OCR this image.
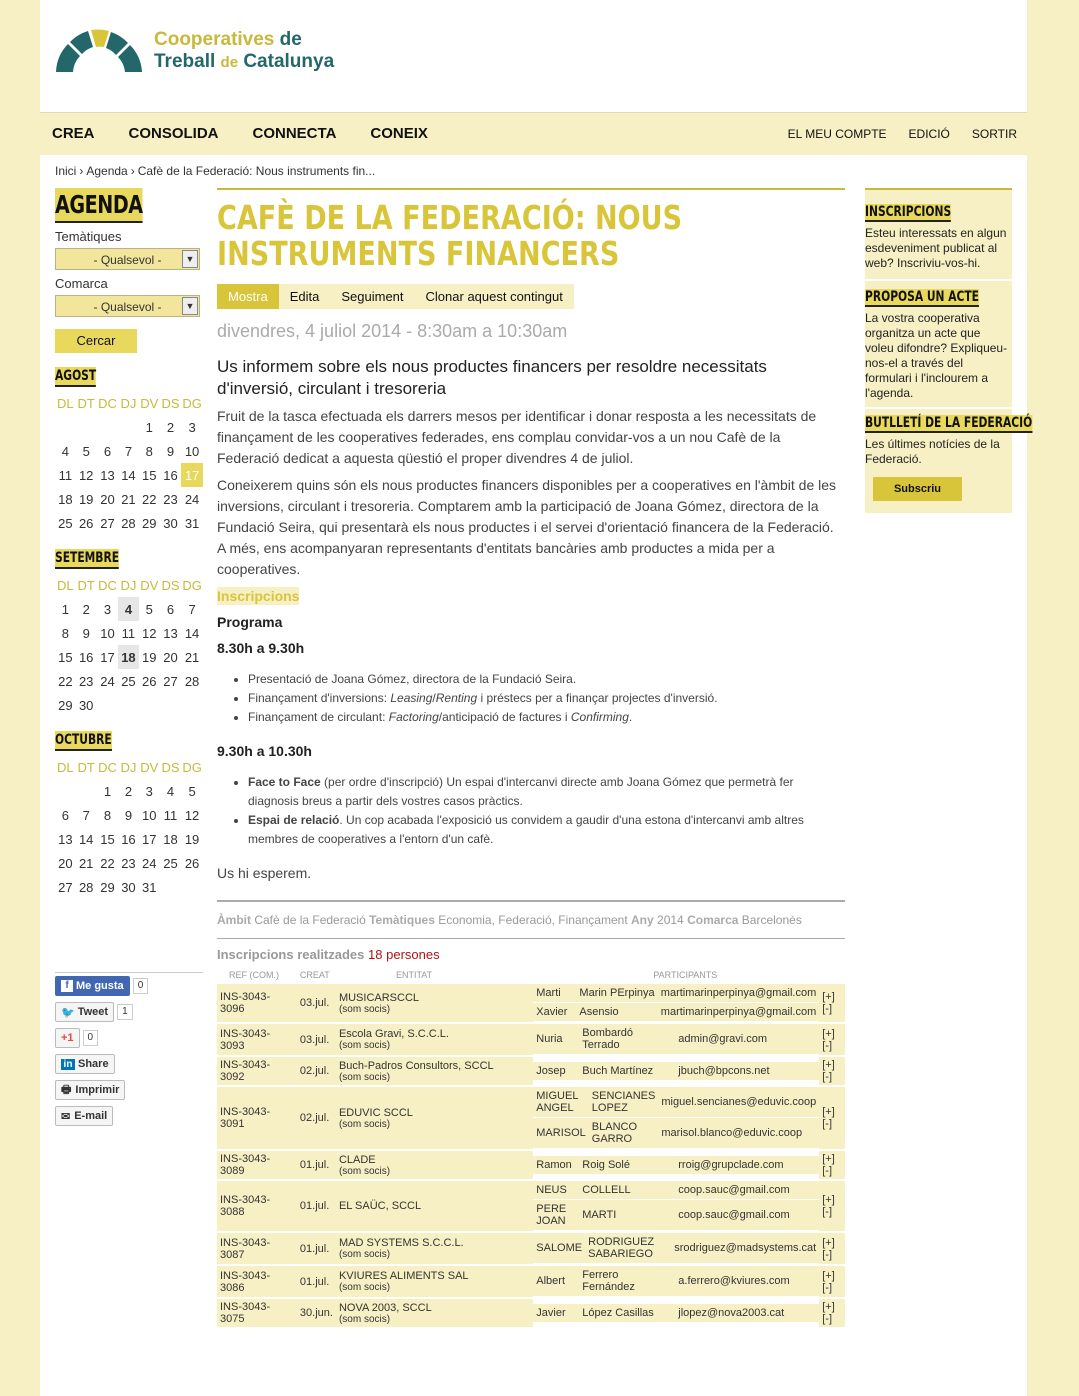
Cooperatives de
Treball de Catalunya
CREA CONSOLIDA CONNECTA CONEIX	EL MEU COMPTE EDICIÓ SORTIR
Inici › Agenda › Cafè de la Federació: Nous instruments fin...
AGENDA
Temàtiques
- Qualsevol -	▼
Comarca
- Qualsevol -	▼
Cercar
AGOST
DL	DT	DC	DJ	DV	DS	DG
				1	2	3
4	5	6	7	8	9	10
11	12	13	14	15	16	17
18	19	20	21	22	23	24
25	26	27	28	29	30	31
SETEMBRE
DL	DT	DC	DJ	DV	DS	DG
1	2	3	4	5	6	7
8	9	10	11	12	13	14
15	16	17	18	19	20	21
22	23	24	25	26	27	28
29	30					
OCTUBRE
DL	DT	DC	DJ	DV	DS	DG
		1	2	3	4	5
6	7	8	9	10	11	12
13	14	15	16	17	18	19
20	21	22	23	24	25	26
27	28	29	30	31		
f Me gusta	0
🐦 Tweet	1
+1	0
in Share
🖶 Imprimir
✉ E-mail
CAFÈ DE LA FEDERACIÓ: NOUS INSTRUMENTS FINANCERS
Mostra	Edita	Seguiment	Clonar aquest contingut
divendres, 4 juliol 2014 - 8:30am a 10:30am
Us informem sobre els nous productes financers per resoldre necessitats d'inversió, circulant i tresoreria
Fruit de la tasca efectuada els darrers mesos per identificar i donar resposta a les necessitats de finançament de les cooperatives federades, ens complau convidar-vos a un nou Cafè de la Federació dedicat a aquesta qüestió el proper divendres 4 de juliol.
Coneixerem quins són els nous productes financers disponibles per a cooperatives en l'àmbit de les inversions, circulant i tresoreria. Comptarem amb la participació de Joana Gómez, directora de la Fundació Seira, qui presentarà els nous productes i el servei d'orientació financera de la Federació. A més, ens acompanyaran representants d'entitats bancàries amb productes a mida per a cooperatives.
Inscripcions
Programa
8.30h a 9.30h
• Presentació de Joana Gómez, directora de la Fundació Seira.
• Finançament d'inversions: Leasing/Renting i préstecs per a finançar projectes d'inversió.
• Finançament de circulant: Factoring/anticipació de factures i Confirming.
9.30h a 10.30h
• Face to Face (per ordre d'inscripció) Un espai d'intercanvi directe amb Joana Gómez que permetrà fer diagnosis breus a partir dels vostres casos pràctics.
• Espai de relació. Un cop acabada l'exposició us convidem a gaudir d'una estona d'intercanvi amb altres membres de cooperatives a l'entorn d'un cafè.
Us hi esperem.
Àmbit Cafè de la Federació Temàtiques Economia, Federació, Finançament Any 2014 Comarca Barcelonès
Inscripcions realitzades 18 persones
REF (COM.)	CREAT	ENTITAT	PARTICIPANTS	
INS-3043-3096	03.jul.	MUSICARSCCL
(som socis)

Marti	Marin PErpinya	martimarinperpinya@gmail.com
Xavier	Asensio	martimarinperpinya@gmail.com
	[+][-]
INS-3043-3093	03.jul.	Escola Gravi, S.C.C.L.
(som socis)

Nuria	Bombardó Terrado	admin@gravi.com
		[+][-]
INS-3043-3092	02.jul.	Buch-Padros Consultors, SCCL
(som socis)

Josep	Buch Martínez	jbuch@bpcons.net
		[+][-]
INS-3043-3091	02.jul.	EDUVIC SCCL
(som socis)

MIGUEL ANGEL	SENCIANES LOPEZ	miguel.sencianes@eduvic.coop
MARISOL	BLANCO GARRO	marisol.blanco@eduvic.coop
	[+][-]
INS-3043-3089	01.jul.	CLADE
(som socis)

Ramon	Roig Solé	rroig@grupclade.com
		[+][-]
INS-3043-3088	01.jul.	EL SAÜC, SCCL

NEUS	COLLELL	coop.sauc@gmail.com
PERE JOAN	MARTI	coop.sauc@gmail.com
	[+][-]
INS-3043-3087	01.jul.	MAD SYSTEMS S.C.C.L.
(som socis)

SALOME	RODRIGUEZ SABARIEGO	srodriguez@madsystems.cat
	[+][-]
INS-3043-3086	01.jul.	KVIURES ALIMENTS SAL
(som socis)

Albert	Ferrero Fernández	a.ferrero@kviures.com
		[+][-]
INS-3043-3075	30.jun.	NOVA 2003, SCCL
(som socis)

Javier	López Casillas	jlopez@nova2003.cat
		[+][-]
INSCRIPCIONS
Esteu interessats en algun esdeveniment publicat al web? Inscriviu-vos-hi.
PROPOSA UN ACTE
La vostra cooperativa organitza un acte que voleu difondre? Expliqueu-nos-el a través del formulari i l'inclourem a l'agenda.
BUTLLETÍ DE LA FEDERACIÓ
Les últimes notícies de la Federació.
Subscriu
